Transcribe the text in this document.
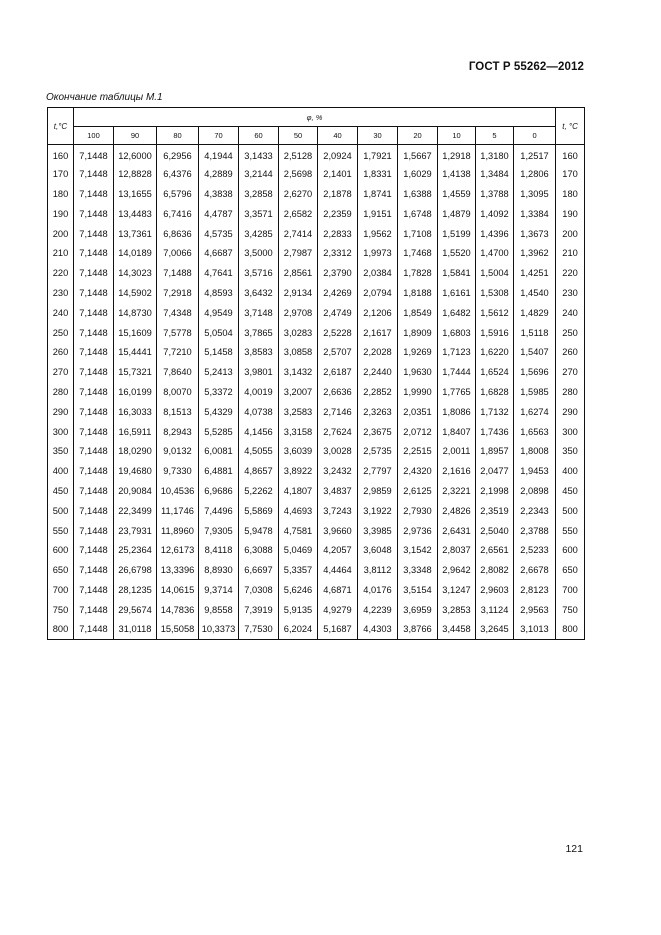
ГОСТ Р 55262—2012
Окончание таблицы М.1
t,°C	φ, %												t, °C
	100	90	80	70	60	50	40	30	20	10	5	0	
160	7,1448	12,6000	6,2956	4,1944	3,1433	2,5128	2,0924	1,7921	1,5667	1,2918	1,3180	1,2517	160
170	7,1448	12,8828	6,4376	4,2889	3,2144	2,5698	2,1401	1,8331	1,6029	1,4138	1,3484	1,2806	170
180	7,1448	13,1655	6,5796	4,3838	3,2858	2,6270	2,1878	1,8741	1,6388	1,4559	1,3788	1,3095	180
190	7,1448	13,4483	6,7416	4,4787	3,3571	2,6582	2,2359	1,9151	1,6748	1,4879	1,4092	1,3384	190
200	7,1448	13,7361	6,8636	4,5735	3,4285	2,7414	2,2833	1,9562	1,7108	1,5199	1,4396	1,3673	200
210	7,1448	14,0189	7,0066	4,6687	3,5000	2,7987	2,3312	1,9973	1,7468	1,5520	1,4700	1,3962	210
220	7,1448	14,3023	7,1488	4,7641	3,5716	2,8561	2,3790	2,0384	1,7828	1,5841	1,5004	1,4251	220
230	7,1448	14,5902	7,2918	4,8593	3,6432	2,9134	2,4269	2,0794	1,8188	1,6161	1,5308	1,4540	230
240	7,1448	14,8730	7,4348	4,9549	3,7148	2,9708	2,4749	2,1206	1,8549	1,6482	1,5612	1,4829	240
250	7,1448	15,1609	7,5778	5,0504	3,7865	3,0283	2,5228	2,1617	1,8909	1,6803	1,5916	1,5118	250
260	7,1448	15,4441	7,7210	5,1458	3,8583	3,0858	2,5707	2,2028	1,9269	1,7123	1,6220	1,5407	260
270	7,1448	15,7321	7,8640	5,2413	3,9801	3,1432	2,6187	2,2440	1,9630	1,7444	1,6524	1,5696	270
280	7,1448	16,0199	8,0070	5,3372	4,0019	3,2007	2,6636	2,2852	1,9990	1,7765	1,6828	1,5985	280
290	7,1448	16,3033	8,1513	5,4329	4,0738	3,2583	2,7146	2,3263	2,0351	1,8086	1,7132	1,6274	290
300	7,1448	16,5911	8,2943	5,5285	4,1456	3,3158	2,7624	2,3675	2,0712	1,8407	1,7436	1,6563	300
350	7,1448	18,0290	9,0132	6,0081	4,5055	3,6039	3,0028	2,5735	2,2515	2,0011	1,8957	1,8008	350
400	7,1448	19,4680	9,7330	6,4881	4,8657	3,8922	3,2432	2,7797	2,4320	2,1616	2,0477	1,9453	400
450	7,1448	20,9084	10,4536	6,9686	5,2262	4,1807	3,4837	2,9859	2,6125	2,3221	2,1998	2,0898	450
500	7,1448	22,3499	11,1746	7,4496	5,5869	4,4693	3,7243	3,1922	2,7930	2,4826	2,3519	2,2343	500
550	7,1448	23,7931	11,8960	7,9305	5,9478	4,7581	3,9660	3,3985	2,9736	2,6431	2,5040	2,3788	550
600	7,1448	25,2364	12,6173	8,4118	6,3088	5,0469	4,2057	3,6048	3,1542	2,8037	2,6561	2,5233	600
650	7,1448	26,6798	13,3396	8,8930	6,6697	5,3357	4,4464	3,8112	3,3348	2,9642	2,8082	2,6678	650
700	7,1448	28,1235	14,0615	9,3714	7,0308	5,6246	4,6871	4,0176	3,5154	3,1247	2,9603	2,8123	700
750	7,1448	29,5674	14,7836	9,8558	7,3919	5,9135	4,9279	4,2239	3,6959	3,2853	3,1124	2,9563	750
800	7,1448	31,0118	15,5058	10,3373	7,7530	6,2024	5,1687	4,4303	3,8766	3,4458	3,2645	3,1013	800
121
